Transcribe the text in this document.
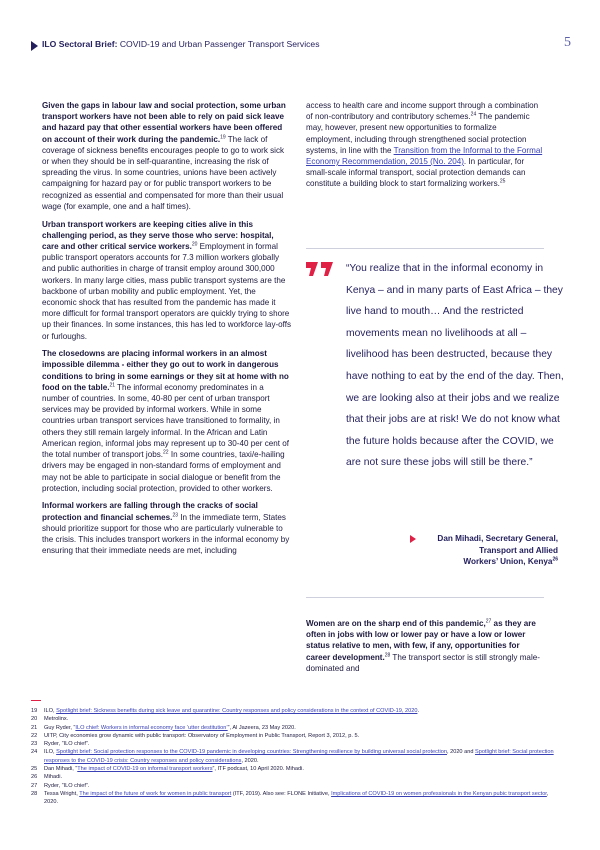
ILO Sectoral Brief: COVID-19 and Urban Passenger Transport Services	5

Given the gaps in labour law and social protection, some urban transport workers have not been able to rely on paid sick leave and hazard pay that other essential workers have been offered on account of their work during the pandemic.$^{19}$ The lack of coverage of sickness benefits encourages people to go to work sick or when they should be in self-quarantine, increasing the risk of spreading the virus. In some countries, unions have been actively campaigning for hazard pay or for public transport workers to be recognized as essential and compensated for more than their usual wage (for example, one and a half times).

Urban transport workers are keeping cities alive in this challenging period, as they serve those who serve: hospital, care and other critical service workers.$^{20}$ Employment in formal public transport operators accounts for 7.3 million workers globally and public authorities in charge of transit employ around 300,000 workers. In many large cities, mass public transport systems are the backbone of urban mobility and public employment. Yet, the economic shock that has resulted from the pandemic has made it more difficult for formal transport operators are quickly trying to shore up their finances. In some instances, this has led to workforce lay-offs or furloughs.

The closedowns are placing informal workers in an almost impossible dilemma - either they go out to work in dangerous conditions to bring in some earnings or they sit at home with no food on the table.$^{21}$ The informal economy predominates in a number of countries. In some, 40-80 per cent of urban transport services may be provided by informal workers. While in some countries urban transport services have transitioned to formality, in others they still remain largely informal. In the African and Latin American region, informal jobs may represent up to 30-40 per cent of the total number of transport jobs.$^{22}$ In some countries, taxi/e-hailing drivers may be engaged in non-standard forms of employment and may not be able to participate in social dialogue or benefit from the protection, including social protection, provided to other workers.

Informal workers are falling through the cracks of social protection and financial schemes.$^{23}$ In the immediate term, States should prioritize support for those who are particularly vulnerable to the crisis. This includes transport workers in the informal economy by ensuring that their immediate needs are met, including

access to health care and income support through a combination of non-contributory and contributory schemes.$^{24}$ The pandemic may, however, present new opportunities to formalize employment, including through strengthened social protection systems, in line with the Transition from the Informal to the Formal Economy Recommendation, 2015 (No. 204). In particular, for small-scale informal transport, social protection demands can constitute a building block to start formalizing workers.$^{25}$

“You realize that in the informal economy in Kenya – and in many parts of East Africa – they live hand to mouth… And the restricted movements mean no livelihoods at all – livelihood has been destructed, because they have nothing to eat by the end of the day. Then, we are looking also at their jobs and we realize that their jobs are at risk! We do not know what the future holds because after the COVID, we are not sure these jobs will still be there.”
Dan Mihadi, Secretary General,
Transport and Allied
Workers’ Union, Kenya$^{26}$

Women are on the sharp end of this pandemic,$^{27}$ as they are often in jobs with low or lower pay or have a low or lower status relative to men, with few, if any, opportunities for career development.$^{28}$ The transport sector is still strongly male-dominated and

19 ILO, Spotlight brief: Sickness benefits during sick leave and quarantine: Country responses and policy considerations in the context of COVID-19, 2020.
20 Metrolinx.
21 Guy Ryder, “ILO chief: Workers in informal economy face ‘utter destitution’”, Al Jazeera, 23 May 2020.
22 UITP, City economies grow dynamic with public transport: Observatory of Employment in Public Transport, Report 3, 2012, p. 5.
23 Ryder, “ILO chief”.
24 ILO, Spotlight brief: Social protection responses to the COVID-19 pandemic in developing countries: Strengthening resilience by building universal social protection, 2020 and Spotlight brief: Social protection responses to the COVID-19 crisis: Country responses and policy considerations, 2020.
25 Dan Mihadi, “The impact of COVID-19 on informal transport workers”, ITF podcast, 10 April 2020. Mihadi.
26 Mihadi.
27 Ryder, “ILO chief”.
28 Tessa Wright, The impact of the future of work for women in public transport (ITF, 2019). Also see: FLONE Initiative, Implications of COVID-19 on women professionals in the Kenyan pubic transport sector, 2020.
